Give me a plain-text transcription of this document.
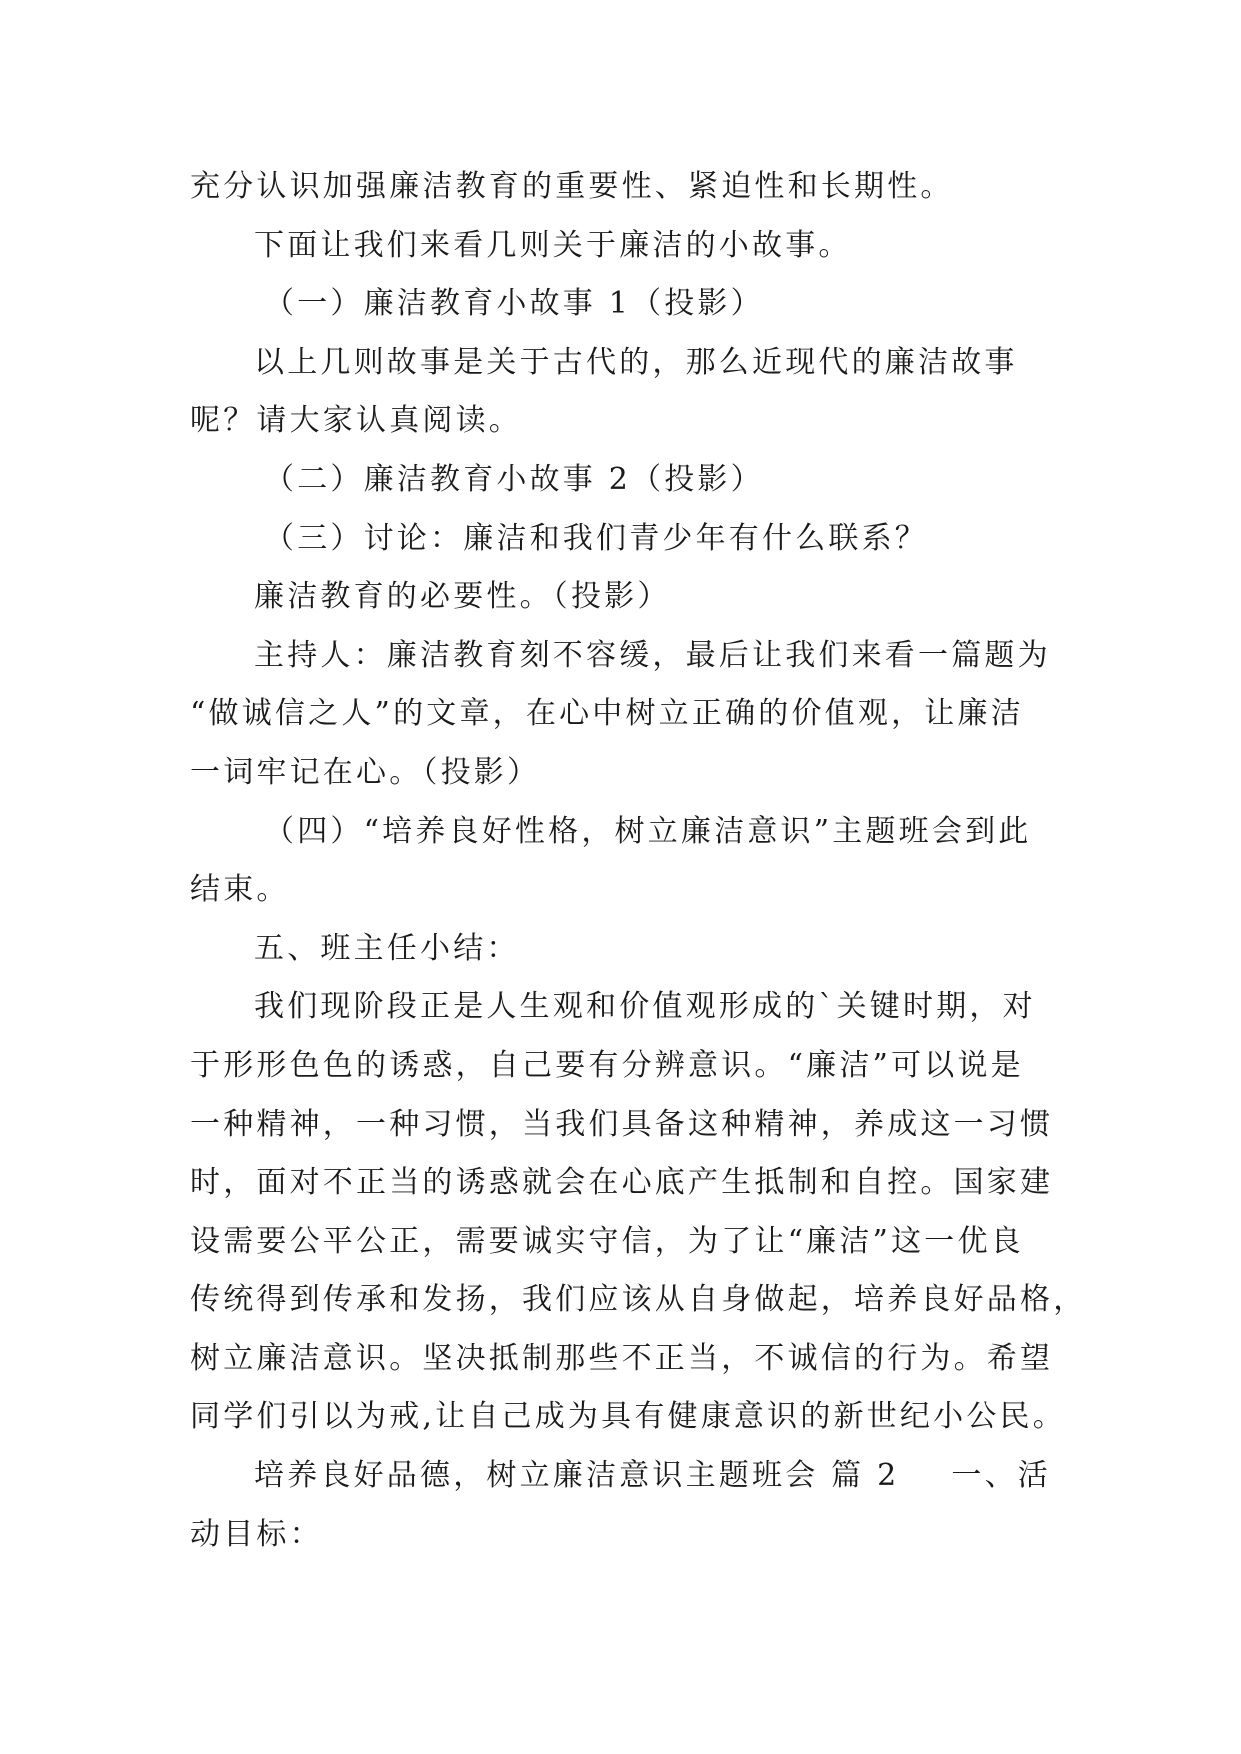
充分认识加强廉洁教育的重要性、紧迫性和长期性。
下面让我们来看几则关于廉洁的小故事。
（一）廉洁教育小故事 1（投影）
以上几则故事是关于古代的，那么近现代的廉洁故事
呢？请大家认真阅读。
（二）廉洁教育小故事 2（投影）
（三）讨论：廉洁和我们青少年有什么联系？
廉洁教育的必要性。（投影）
主持人：廉洁教育刻不容缓，最后让我们来看一篇题为
“做诚信之人”的文章，在心中树立正确的价值观，让廉洁
一词牢记在心。（投影）
（四）“培养良好性格，树立廉洁意识”主题班会到此
结束。
五、班主任小结：
我们现阶段正是人生观和价值观形成的`关键时期，对
于形形色色的诱惑，自己要有分辨意识。“廉洁”可以说是
一种精神，一种习惯，当我们具备这种精神，养成这一习惯
时，面对不正当的诱惑就会在心底产生抵制和自控。国家建
设需要公平公正，需要诚实守信，为了让“廉洁”这一优良
传统得到传承和发扬，我们应该从自身做起，培养良好品格，
树立廉洁意识。坚决抵制那些不正当，不诚信的行为。希望
同学们引以为戒,让自己成为具有健康意识的新世纪小公民。
培养良好品德，树立廉洁意识主题班会 篇 2 一、活
动目标：
